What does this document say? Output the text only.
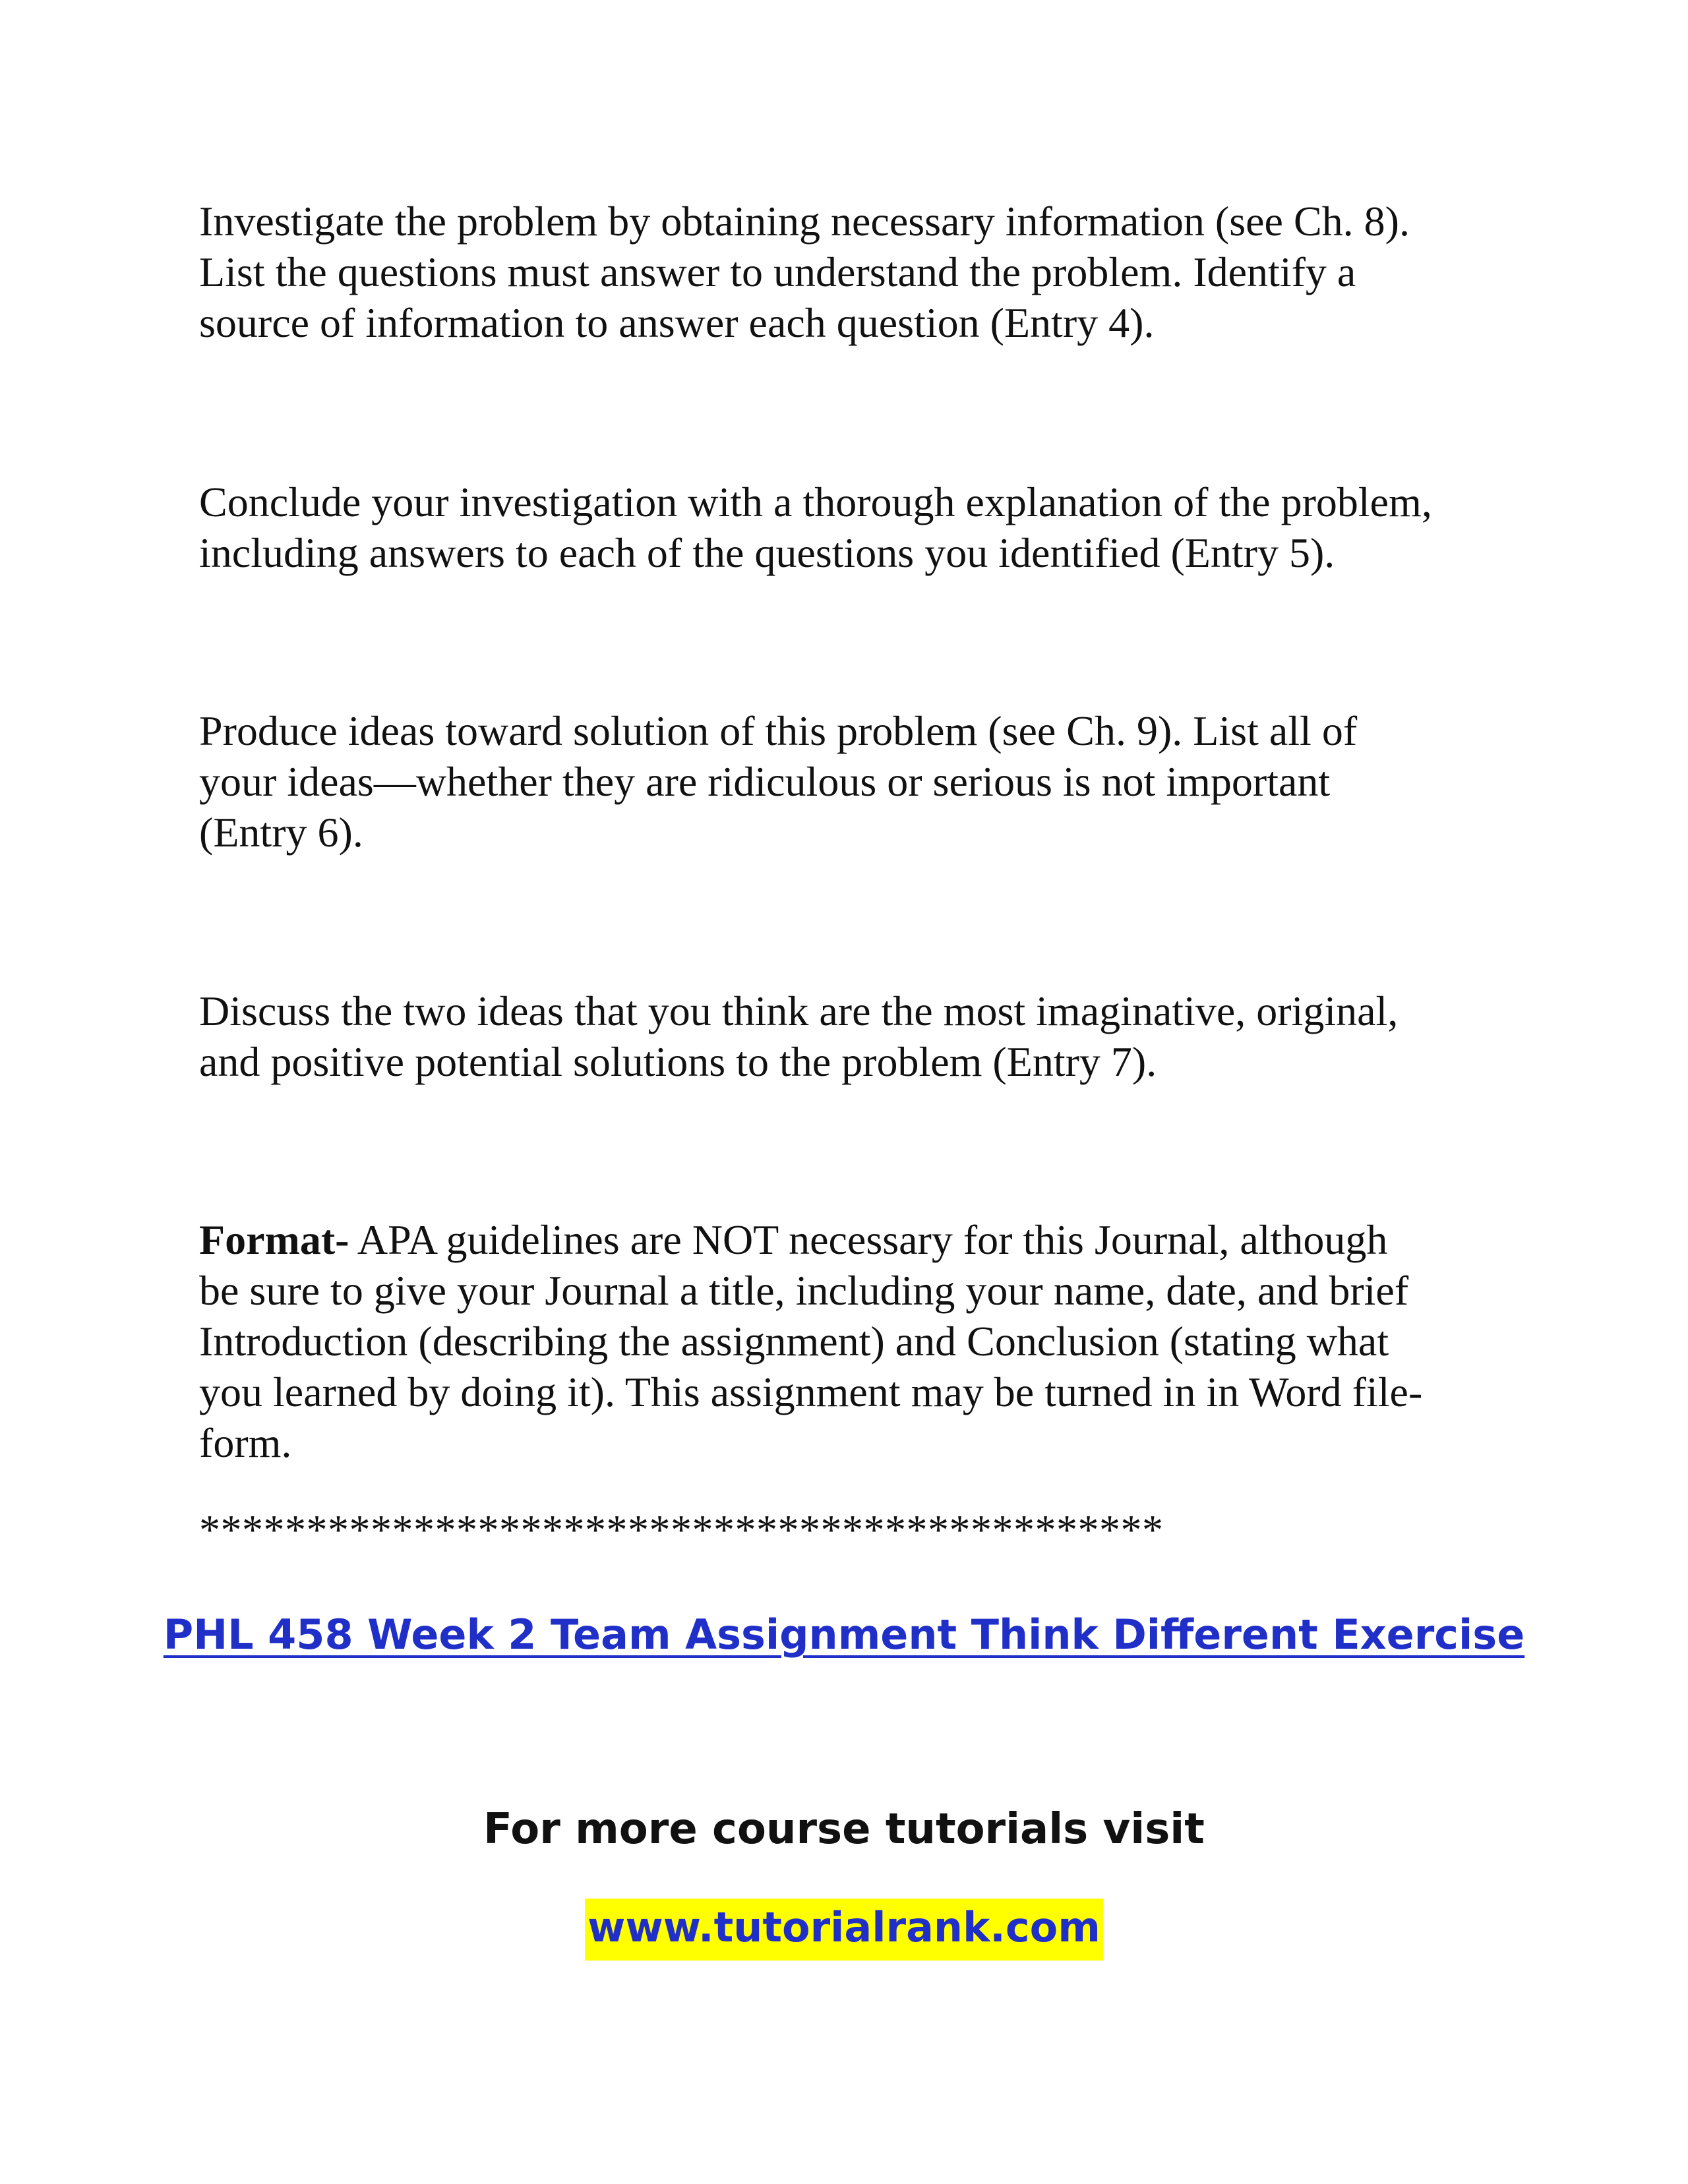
Investigate the problem by obtaining necessary information (see Ch. 8).
List the questions must answer to understand the problem. Identify a
source of information to answer each question (Entry 4).

Conclude your investigation with a thorough explanation of the problem,
including answers to each of the questions you identified (Entry 5).

Produce ideas toward solution of this problem (see Ch. 9). List all of
your ideas—whether they are ridiculous or serious is not important
(Entry 6).

Discuss the two ideas that you think are the most imaginative, original,
and positive potential solutions to the problem (Entry 7).

Format- APA guidelines are NOT necessary for this Journal, although
be sure to give your Journal a title, including your name, date, and brief
Introduction (describing the assignment) and Conclusion (stating what
you learned by doing it). This assignment may be turned in in Word file-
form.

*********************************************
PHL 458 Week 2 Team Assignment Think Different Exercise
For more course tutorials visit
www.tutorialrank.com
